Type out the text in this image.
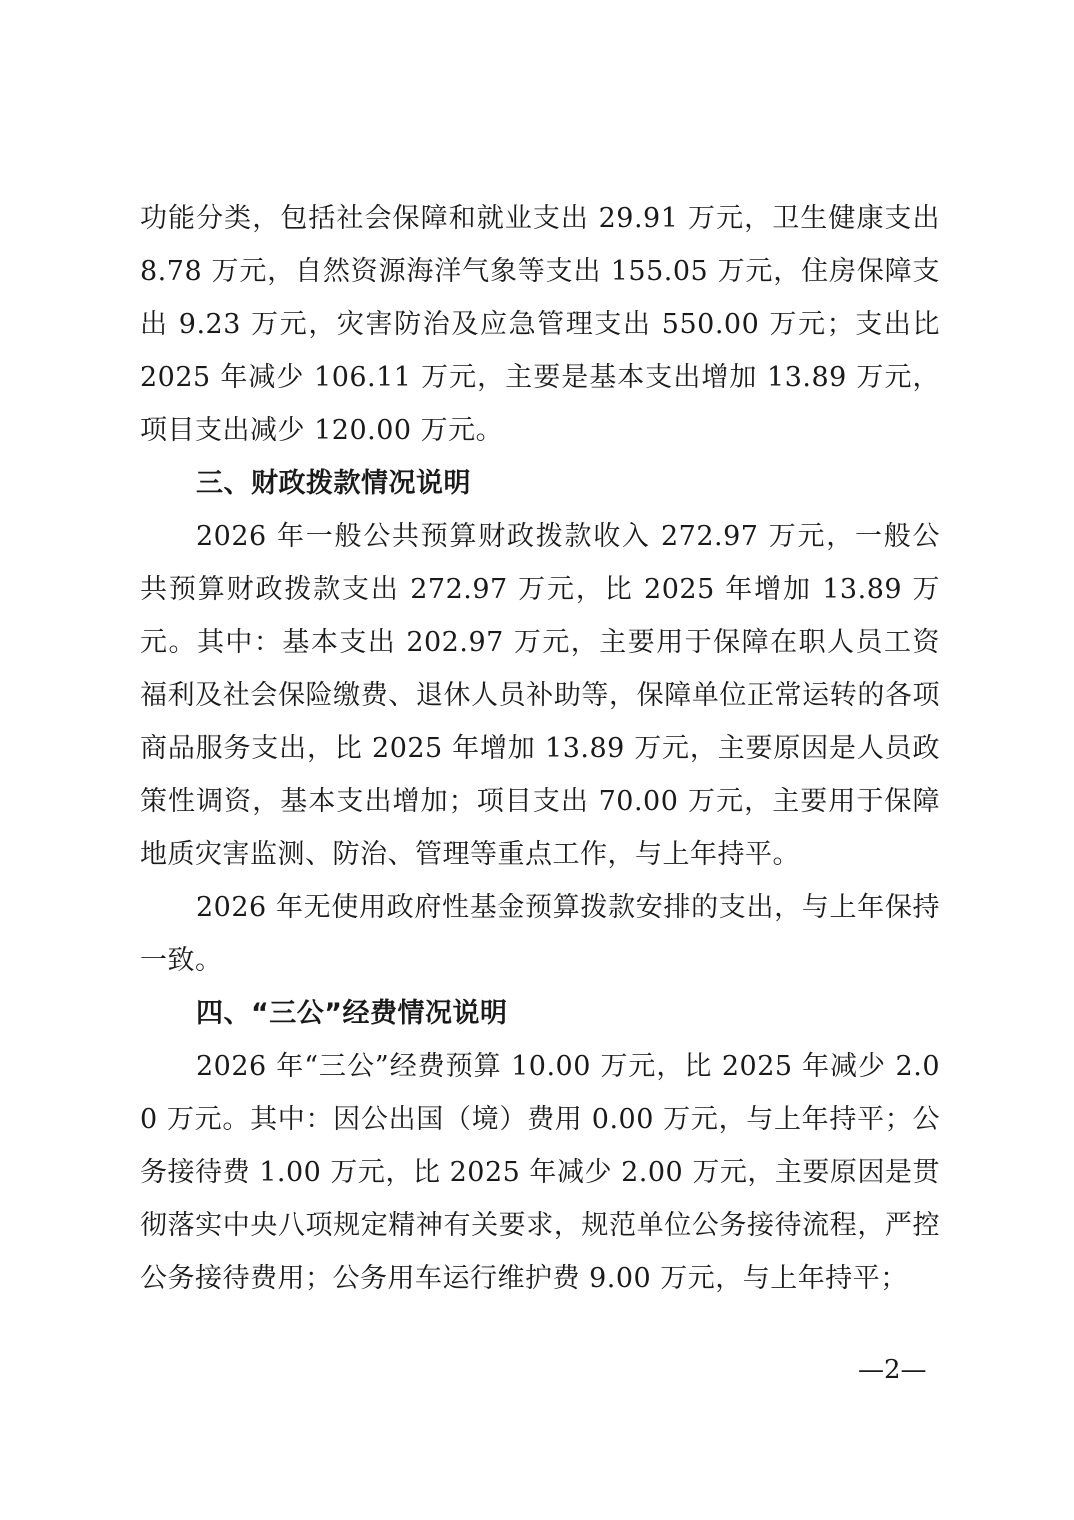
功能分类，包括社会保障和就业支出 29.91 万元，卫生健康支出 8.78 万元，自然资源海洋气象等支出 155.05 万元，住房保障支出 9.23 万元，灾害防治及应急管理支出 550.00 万元；支出比 2025 年减少 106.11 万元，主要是基本支出增加 13.89 万元，项目支出减少 120.00 万元。

三、财政拨款情况说明

2026 年一般公共预算财政拨款收入 272.97 万元，一般公共预算财政拨款支出 272.97 万元，比 2025 年增加 13.89 万元。其中：基本支出 202.97 万元，主要用于保障在职人员工资福利及社会保险缴费、退休人员补助等，保障单位正常运转的各项商品服务支出，比 2025 年增加 13.89 万元，主要原因是人员政策性调资，基本支出增加；项目支出 70.00 万元，主要用于保障地质灾害监测、防治、管理等重点工作，与上年持平。

2026 年无使用政府性基金预算拨款安排的支出，与上年保持一致。

四、“三公”经费情况说明

2026 年“三公”经费预算 10.00 万元，比 2025 年减少 2.00 万元。其中：因公出国（境）费用 0.00 万元，与上年持平；公务接待费 1.00 万元，比 2025 年减少 2.00 万元，主要原因是贯彻落实中央八项规定精神有关要求，规范单位公务接待流程，严控公务接待费用；公务用车运行维护费 9.00 万元，与上年持平；

—2—
